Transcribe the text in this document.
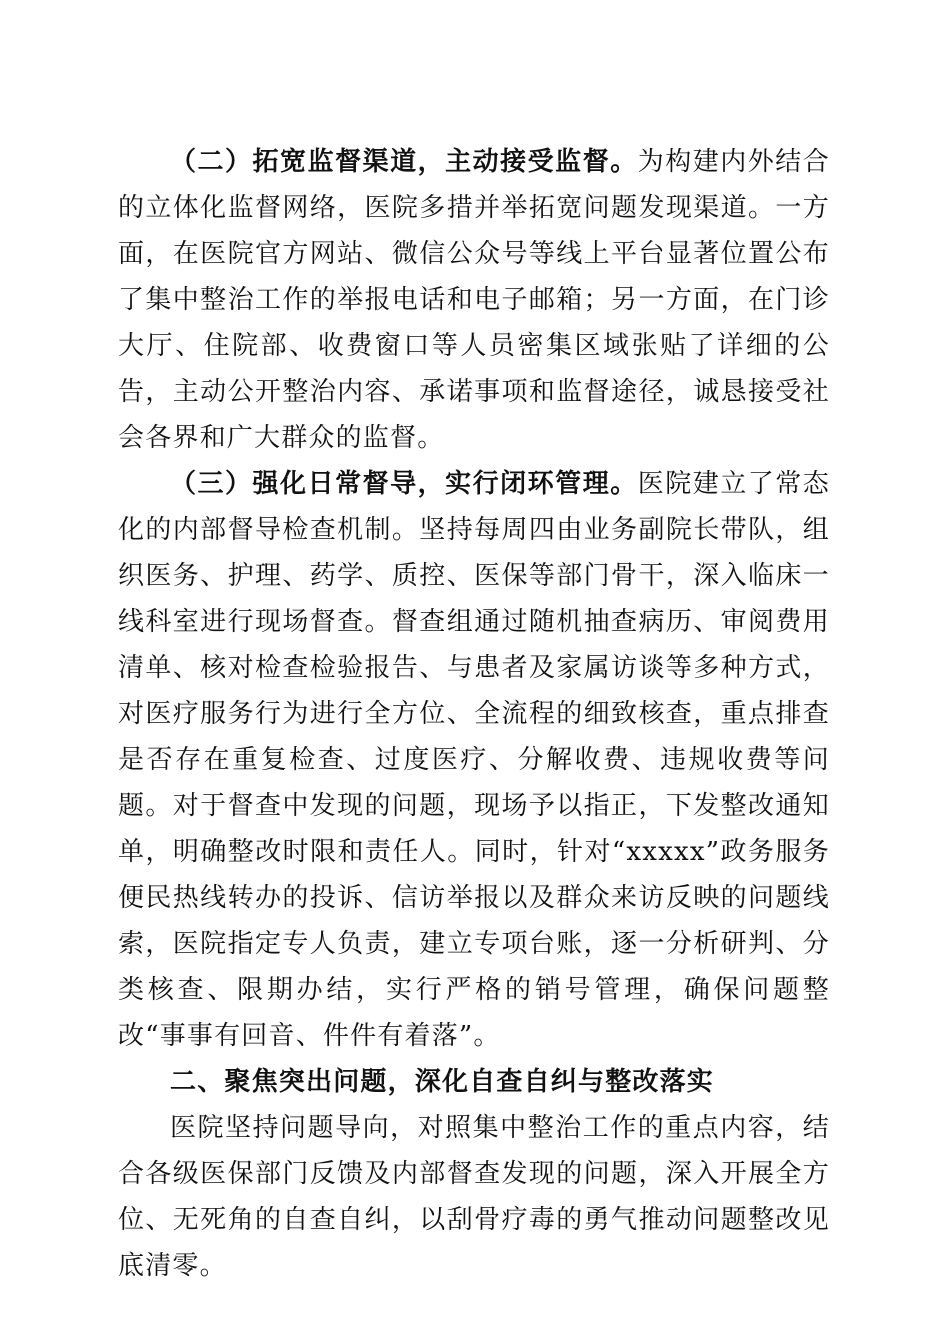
（二）拓宽监督渠道，主动接受监督。为构建内外结合的立体化监督网络，医院多措并举拓宽问题发现渠道。一方面，在医院官方网站、微信公众号等线上平台显著位置公布了集中整治工作的举报电话和电子邮箱；另一方面，在门诊大厅、住院部、收费窗口等人员密集区域张贴了详细的公告，主动公开整治内容、承诺事项和监督途径，诚恳接受社会各界和广大群众的监督。

（三）强化日常督导，实行闭环管理。医院建立了常态化的内部督导检查机制。坚持每周四由业务副院长带队，组织医务、护理、药学、质控、医保等部门骨干，深入临床一线科室进行现场督查。督查组通过随机抽查病历、审阅费用清单、核对检查检验报告、与患者及家属访谈等多种方式，对医疗服务行为进行全方位、全流程的细致核查，重点排查是否存在重复检查、过度医疗、分解收费、违规收费等问题。对于督查中发现的问题，现场予以指正，下发整改通知单，明确整改时限和责任人。同时，针对“xxxxx”政务服务便民热线转办的投诉、信访举报以及群众来访反映的问题线索，医院指定专人负责，建立专项台账，逐一分析研判、分类核查、限期办结，实行严格的销号管理，确保问题整改“事事有回音、件件有着落”。

二、聚焦突出问题，深化自查自纠与整改落实

医院坚持问题导向，对照集中整治工作的重点内容，结合各级医保部门反馈及内部督查发现的问题，深入开展全方位、无死角的自查自纠，以刮骨疗毒的勇气推动问题整改见底清零。
